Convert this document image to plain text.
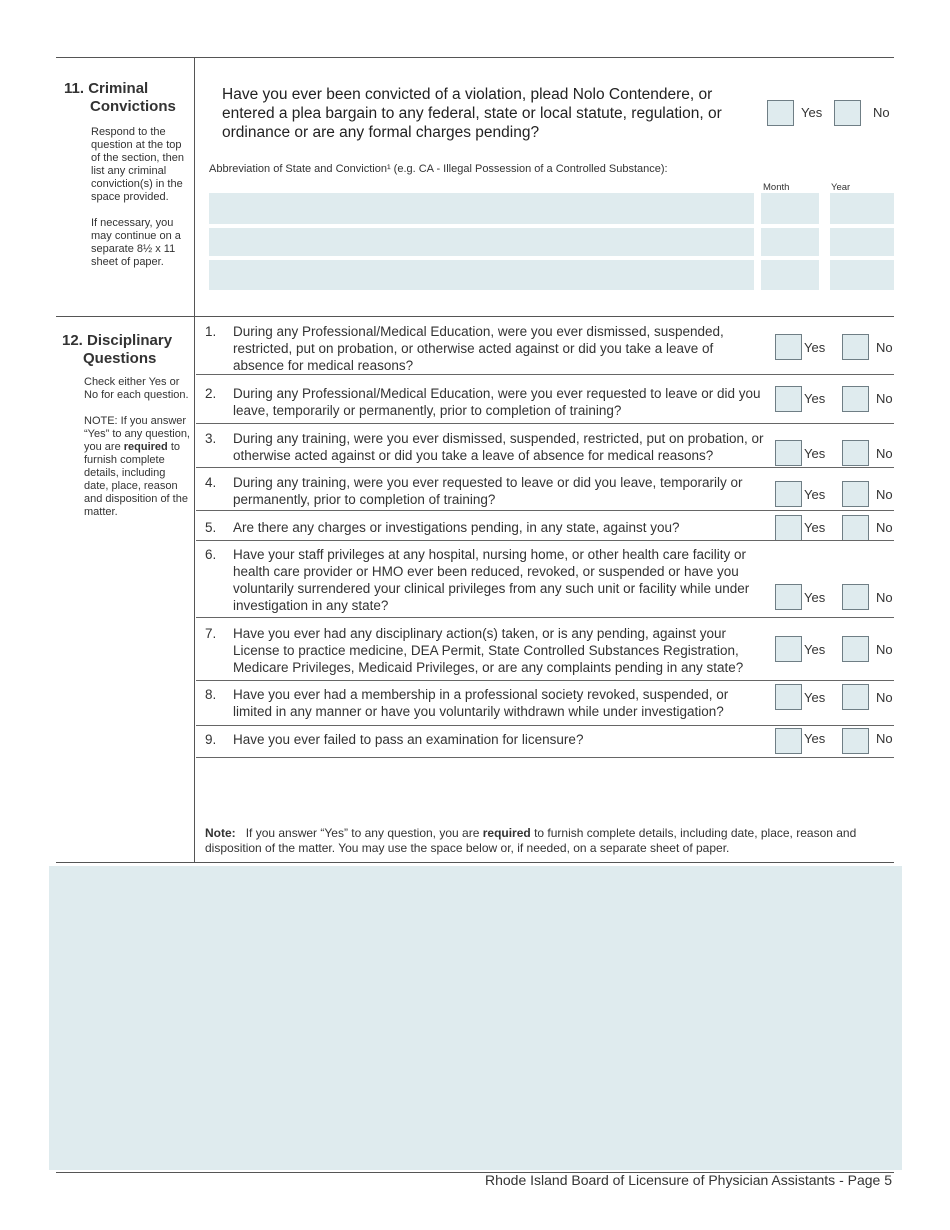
11. Criminal
Convictions

Respond to the question at the top of the section, then list any criminal conviction(s) in the space provided.

If necessary, you may continue on a separate 8½ x 11 sheet of paper.

Have you ever been convicted of a violation, plead Nolo Contendere, or entered a plea bargain to any federal, state or local statute, regulation, or ordinance or are any formal charges pending?
Yes	No
Abbreviation of State and Conviction¹ (e.g. CA - Illegal Possession of a Controlled Substance):
Month	Year
12. Disciplinary
Questions

Check either Yes or No for each question.

NOTE: If you answer “Yes” to any question, you are required to furnish complete details, including date, place, reason and disposition of the matter.

1. During any Professional/Medical Education, were you ever dismissed, suspended, restricted, put on probation, or otherwise acted against or did you take a leave of absence for medical reasons?
Yes	No
2. During any Professional/Medical Education, were you ever requested to leave or did you leave, temporarily or permanently, prior to completion of training?
Yes	No
3. During any training, were you ever dismissed, suspended, restricted, put on probation, or otherwise acted against or did you take a leave of absence for medical reasons?	Yes	No
4. During any training, were you ever requested to leave or did you leave, temporarily or permanently, prior to completion of training?	Yes	No
5. Are there any charges or investigations pending, in any state, against you?	Yes	No
6. Have your staff privileges at any hospital, nursing home, or other health care facility or health care provider or HMO ever been reduced, revoked, or suspended or have you voluntarily surrendered your clinical privileges from any such unit or facility while under investigation in any state?
Yes	No
7. Have you ever had any disciplinary action(s) taken, or is any pending, against your License to practice medicine, DEA Permit, State Controlled Substances Registration, Medicare Privileges, Medicaid Privileges, or are any complaints pending in any state?
Yes	No
8. Have you ever had a membership in a professional society revoked, suspended, or limited in any manner or have you voluntarily withdrawn while under investigation?
Yes	No
9. Have you ever failed to pass an examination for licensure?	Yes	No
Note: If you answer “Yes” to any question, you are required to furnish complete details, including date, place, reason and disposition of the matter. You may use the space below or, if needed, on a separate sheet of paper.
Rhode Island Board of Licensure of Physician Assistants - Page 5
